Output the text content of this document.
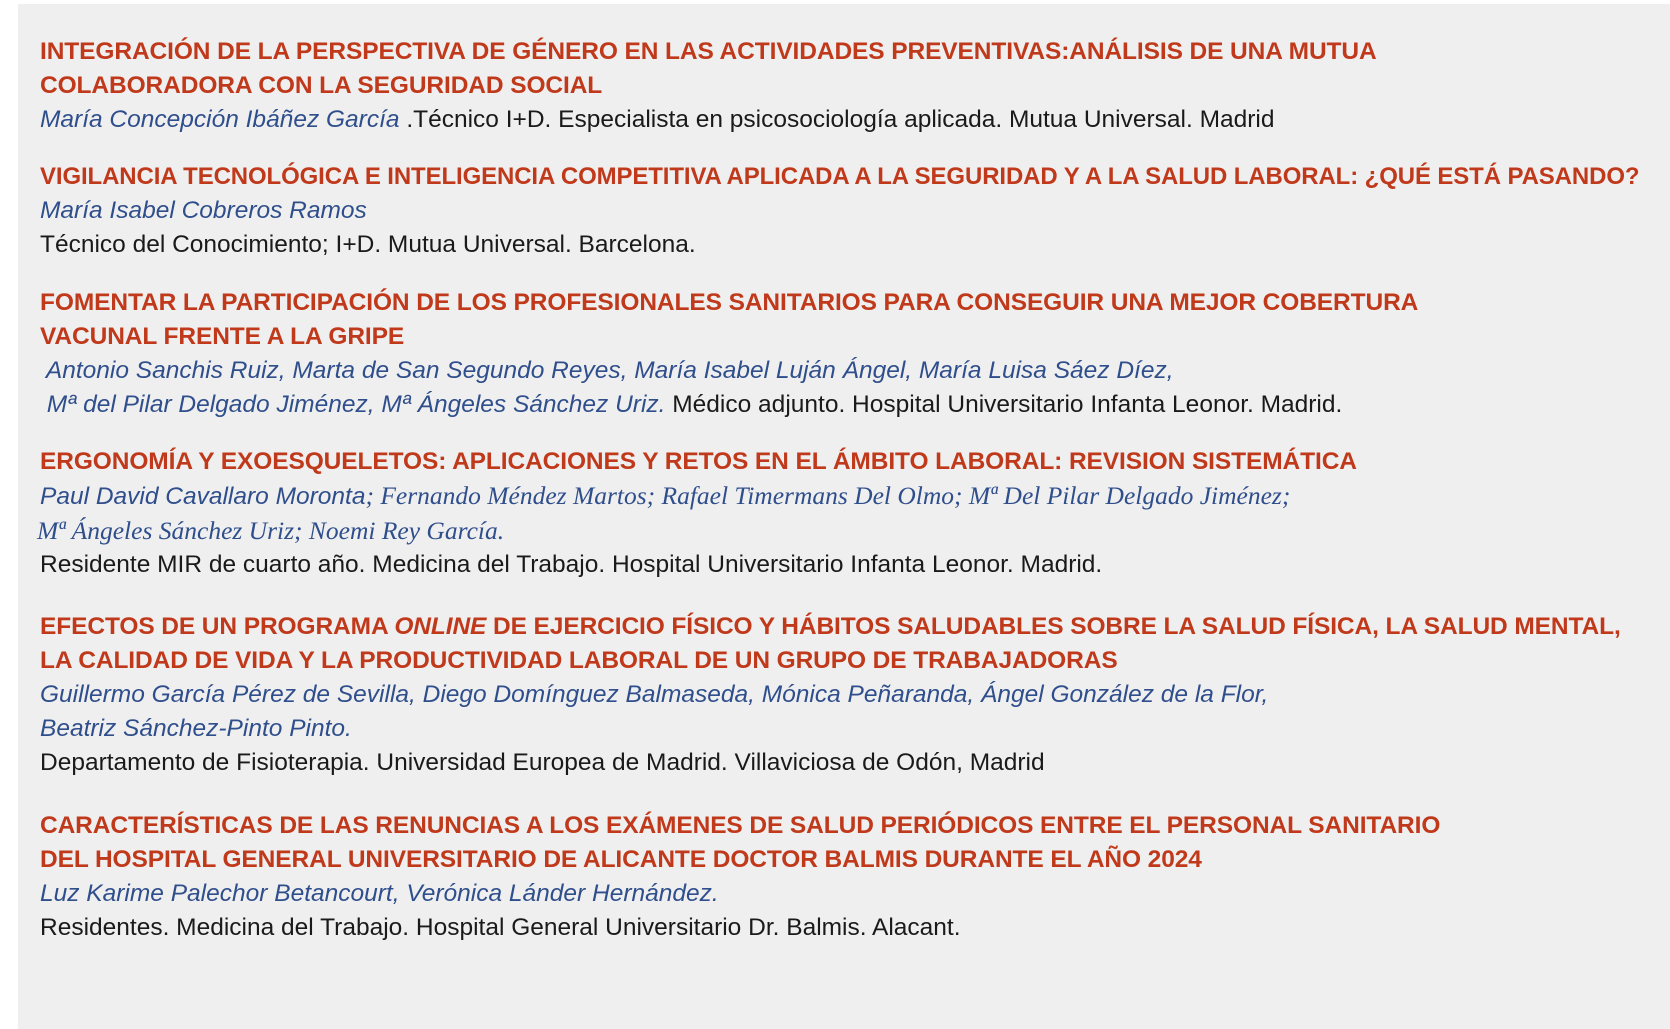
INTEGRACIÓN DE LA PERSPECTIVA DE GÉNERO EN LAS ACTIVIDADES PREVENTIVAS:ANÁLISIS DE UNA MUTUA
COLABORADORA CON LA SEGURIDAD SOCIAL
María Concepción Ibáñez García .Técnico I+D. Especialista en psicosociología aplicada. Mutua Universal. Madrid
VIGILANCIA TECNOLÓGICA E INTELIGENCIA COMPETITIVA APLICADA A LA SEGURIDAD Y A LA SALUD LABORAL: ¿QUÉ ESTÁ PASANDO?
María Isabel Cobreros Ramos
Técnico del Conocimiento; I+D. Mutua Universal. Barcelona.
FOMENTAR LA PARTICIPACIÓN DE LOS PROFESIONALES SANITARIOS PARA CONSEGUIR UNA MEJOR COBERTURA
VACUNAL FRENTE A LA GRIPE
Antonio Sanchis Ruiz, Marta de San Segundo Reyes, María Isabel Luján Ángel, María Luisa Sáez Díez,
Mª del Pilar Delgado Jiménez, Mª Ángeles Sánchez Uriz. Médico adjunto. Hospital Universitario Infanta Leonor. Madrid.
ERGONOMÍA Y EXOESQUELETOS: APLICACIONES Y RETOS EN EL ÁMBITO LABORAL: REVISION SISTEMÁTICA
Paul David Cavallaro Moronta; Fernando Méndez Martos; Rafael Timermans Del Olmo; Mª Del Pilar Delgado Jiménez;
Mª Ángeles Sánchez Uriz; Noemi Rey García.
Residente MIR de cuarto año. Medicina del Trabajo. Hospital Universitario Infanta Leonor. Madrid.
EFECTOS DE UN PROGRAMA ONLINE DE EJERCICIO FÍSICO Y HÁBITOS SALUDABLES SOBRE LA SALUD FÍSICA, LA SALUD MENTAL,
LA CALIDAD DE VIDA Y LA PRODUCTIVIDAD LABORAL DE UN GRUPO DE TRABAJADORAS
Guillermo García Pérez de Sevilla, Diego Domínguez Balmaseda, Mónica Peñaranda, Ángel González de la Flor,
Beatriz Sánchez-Pinto Pinto.
Departamento de Fisioterapia. Universidad Europea de Madrid. Villaviciosa de Odón, Madrid
CARACTERÍSTICAS DE LAS RENUNCIAS A LOS EXÁMENES DE SALUD PERIÓDICOS ENTRE EL PERSONAL SANITARIO
DEL HOSPITAL GENERAL UNIVERSITARIO DE ALICANTE DOCTOR BALMIS DURANTE EL AÑO 2024
Luz Karime Palechor Betancourt, Verónica Lánder Hernández.
Residentes. Medicina del Trabajo. Hospital General Universitario Dr. Balmis. Alacant.
